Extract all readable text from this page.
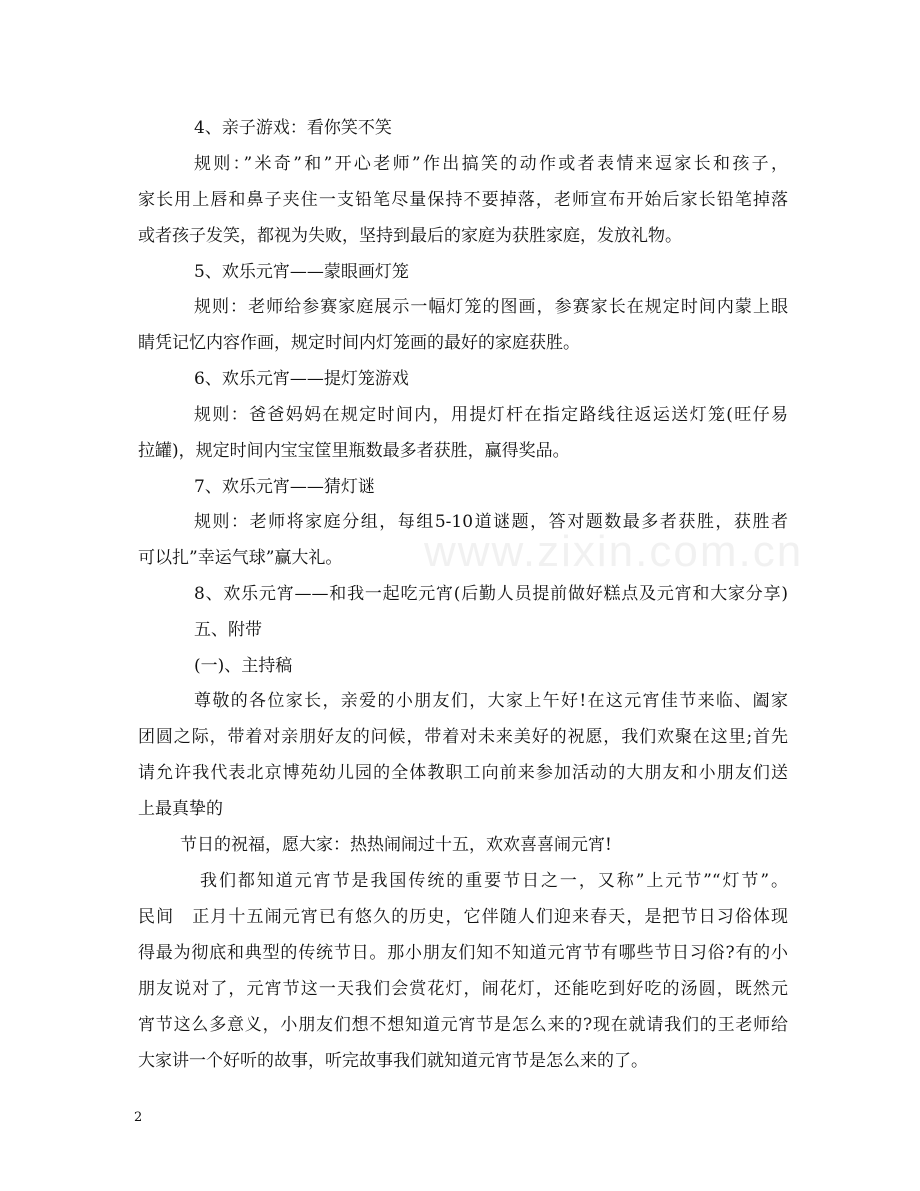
www.zixin.com.cn
4、亲子游戏：看你笑不笑
规则：”米奇”和”开心老师”作出搞笑的动作或者表情来逗家长和孩子，
家长用上唇和鼻子夹住一支铅笔尽量保持不要掉落，老师宣布开始后家长铅笔掉落
或者孩子发笑，都视为失败，坚持到最后的家庭为获胜家庭，发放礼物。
5、欢乐元宵——蒙眼画灯笼
规则：老师给参赛家庭展示一幅灯笼的图画，参赛家长在规定时间内蒙上眼
睛凭记忆内容作画，规定时间内灯笼画的最好的家庭获胜。
6、欢乐元宵——提灯笼游戏
规则：爸爸妈妈在规定时间内，用提灯杆在指定路线往返运送灯笼(旺仔易
拉罐)，规定时间内宝宝筐里瓶数最多者获胜，赢得奖品。
7、欢乐元宵——猜灯谜
规则：老师将家庭分组，每组5-10道谜题，答对题数最多者获胜，获胜者
可以扎”幸运气球”赢大礼。
8、欢乐元宵——和我一起吃元宵(后勤人员提前做好糕点及元宵和大家分享)
五、附带
(一)、主持稿
尊敬的各位家长，亲爱的小朋友们，大家上午好!在这元宵佳节来临、阖家
团圆之际，带着对亲朋好友的问候，带着对未来美好的祝愿，我们欢聚在这里;首先
请允许我代表北京博苑幼儿园的全体教职工向前来参加活动的大朋友和小朋友们送
上最真挚的
节日的祝福，愿大家：热热闹闹过十五，欢欢喜喜闹元宵!
我们都知道元宵节是我国传统的重要节日之一，又称”上元节”“灯节”。
民间　正月十五闹元宵已有悠久的历史，它伴随人们迎来春天，是把节日习俗体现
得最为彻底和典型的传统节日。那小朋友们知不知道元宵节有哪些节日习俗?有的小
朋友说对了，元宵节这一天我们会赏花灯，闹花灯，还能吃到好吃的汤圆，既然元
宵节这么多意义，小朋友们想不想知道元宵节是怎么来的?现在就请我们的王老师给
大家讲一个好听的故事，听完故事我们就知道元宵节是怎么来的了。
2
